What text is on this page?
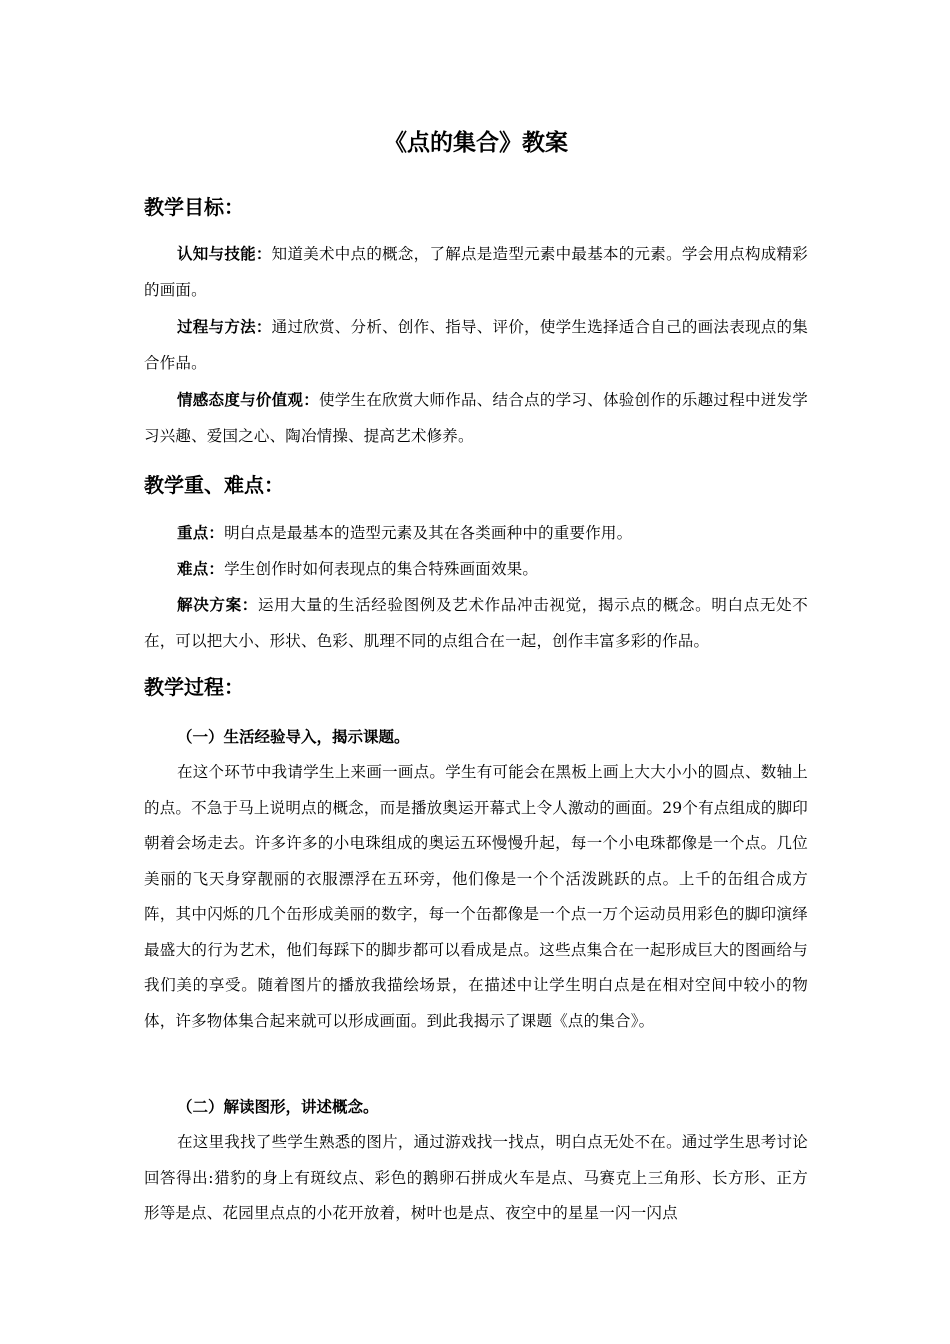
《点的集合》教案
教学目标：
认知与技能：知道美术中点的概念，了解点是造型元素中最基本的元素。学会用点构成精彩的画面。
过程与方法：通过欣赏、分析、创作、指导、评价，使学生选择适合自己的画法表现点的集合作品。
情感态度与价值观：使学生在欣赏大师作品、结合点的学习、体验创作的乐趣过程中迸发学习兴趣、爱国之心、陶冶情操、提高艺术修养。
教学重、难点：
重点：明白点是最基本的造型元素及其在各类画种中的重要作用。
难点：学生创作时如何表现点的集合特殊画面效果。
解决方案：运用大量的生活经验图例及艺术作品冲击视觉，揭示点的概念。明白点无处不在，可以把大小、形状、色彩、肌理不同的点组合在一起，创作丰富多彩的作品。
教学过程：
（一）生活经验导入，揭示课题。
在这个环节中我请学生上来画一画点。学生有可能会在黑板上画上大大小小的圆点、数轴上的点。不急于马上说明点的概念，而是播放奥运开幕式上令人激动的画面。29个有点组成的脚印朝着会场走去。许多许多的小电珠组成的奥运五环慢慢升起，每一个小电珠都像是一个点。几位美丽的飞天身穿靓丽的衣服漂浮在五环旁，他们像是一个个活泼跳跃的点。上千的缶组合成方阵，其中闪烁的几个缶形成美丽的数字，每一个缶都像是一个点一万个运动员用彩色的脚印演绎最盛大的行为艺术，他们每踩下的脚步都可以看成是点。这些点集合在一起形成巨大的图画给与我们美的享受。随着图片的播放我描绘场景，在描述中让学生明白点是在相对空间中较小的物体，许多物体集合起来就可以形成画面。到此我揭示了课题《点的集合》。
（二）解读图形，讲述概念。
在这里我找了些学生熟悉的图片，通过游戏找一找点，明白点无处不在。通过学生思考讨论回答得出:猎豹的身上有斑纹点、彩色的鹅卵石拼成火车是点、马赛克上三角形、长方形、正方形等是点、花园里点点的小花开放着，树叶也是点、夜空中的星星一闪一闪点
